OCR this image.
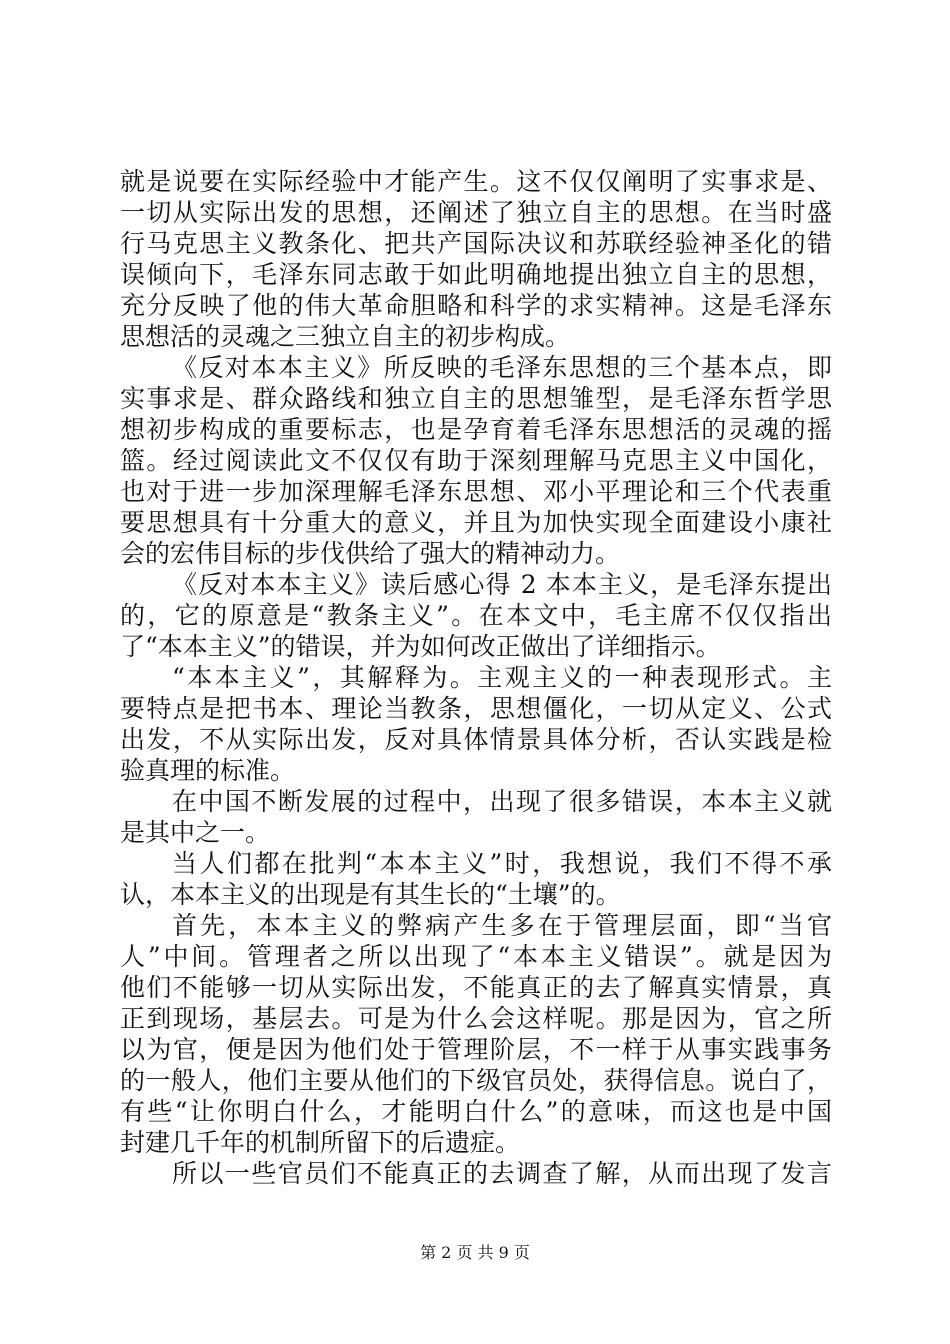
就是说要在实际经验中才能产生。这不仅仅阐明了实事求是、
一切从实际出发的思想，还阐述了独立自主的思想。在当时盛
行马克思主义教条化、把共产国际决议和苏联经验神圣化的错
误倾向下，毛泽东同志敢于如此明确地提出独立自主的思想，
充分反映了他的伟大革命胆略和科学的求实精神。这是毛泽东
思想活的灵魂之三独立自主的初步构成。
《反对本本主义》所反映的毛泽东思想的三个基本点，即
实事求是、群众路线和独立自主的思想雏型，是毛泽东哲学思
想初步构成的重要标志，也是孕育着毛泽东思想活的灵魂的摇
篮。经过阅读此文不仅仅有助于深刻理解马克思主义中国化，
也对于进一步加深理解毛泽东思想、邓小平理论和三个代表重
要思想具有十分重大的意义，并且为加快实现全面建设小康社
会的宏伟目标的步伐供给了强大的精神动力。
《反对本本主义》读后感心得 2 本本主义，是毛泽东提出
的，它的原意是“教条主义”。在本文中，毛主席不仅仅指出
了“本本主义”的错误，并为如何改正做出了详细指示。
“本本主义”，其解释为。主观主义的一种表现形式。主
要特点是把书本、理论当教条，思想僵化，一切从定义、公式
出发，不从实际出发，反对具体情景具体分析，否认实践是检
验真理的标准。
在中国不断发展的过程中，出现了很多错误，本本主义就
是其中之一。
当人们都在批判“本本主义”时，我想说，我们不得不承
认，本本主义的出现是有其生长的“土壤”的。
首先，本本主义的弊病产生多在于管理层面，即“当官
人”中间。管理者之所以出现了“本本主义错误”。就是因为
他们不能够一切从实际出发，不能真正的去了解真实情景，真
正到现场，基层去。可是为什么会这样呢。那是因为，官之所
以为官，便是因为他们处于管理阶层，不一样于从事实践事务
的一般人，他们主要从他们的下级官员处，获得信息。说白了，
有些“让你明白什么，才能明白什么”的意味，而这也是中国
封建几千年的机制所留下的后遗症。
所以一些官员们不能真正的去调查了解，从而出现了发言
第 2 页 共 9 页
